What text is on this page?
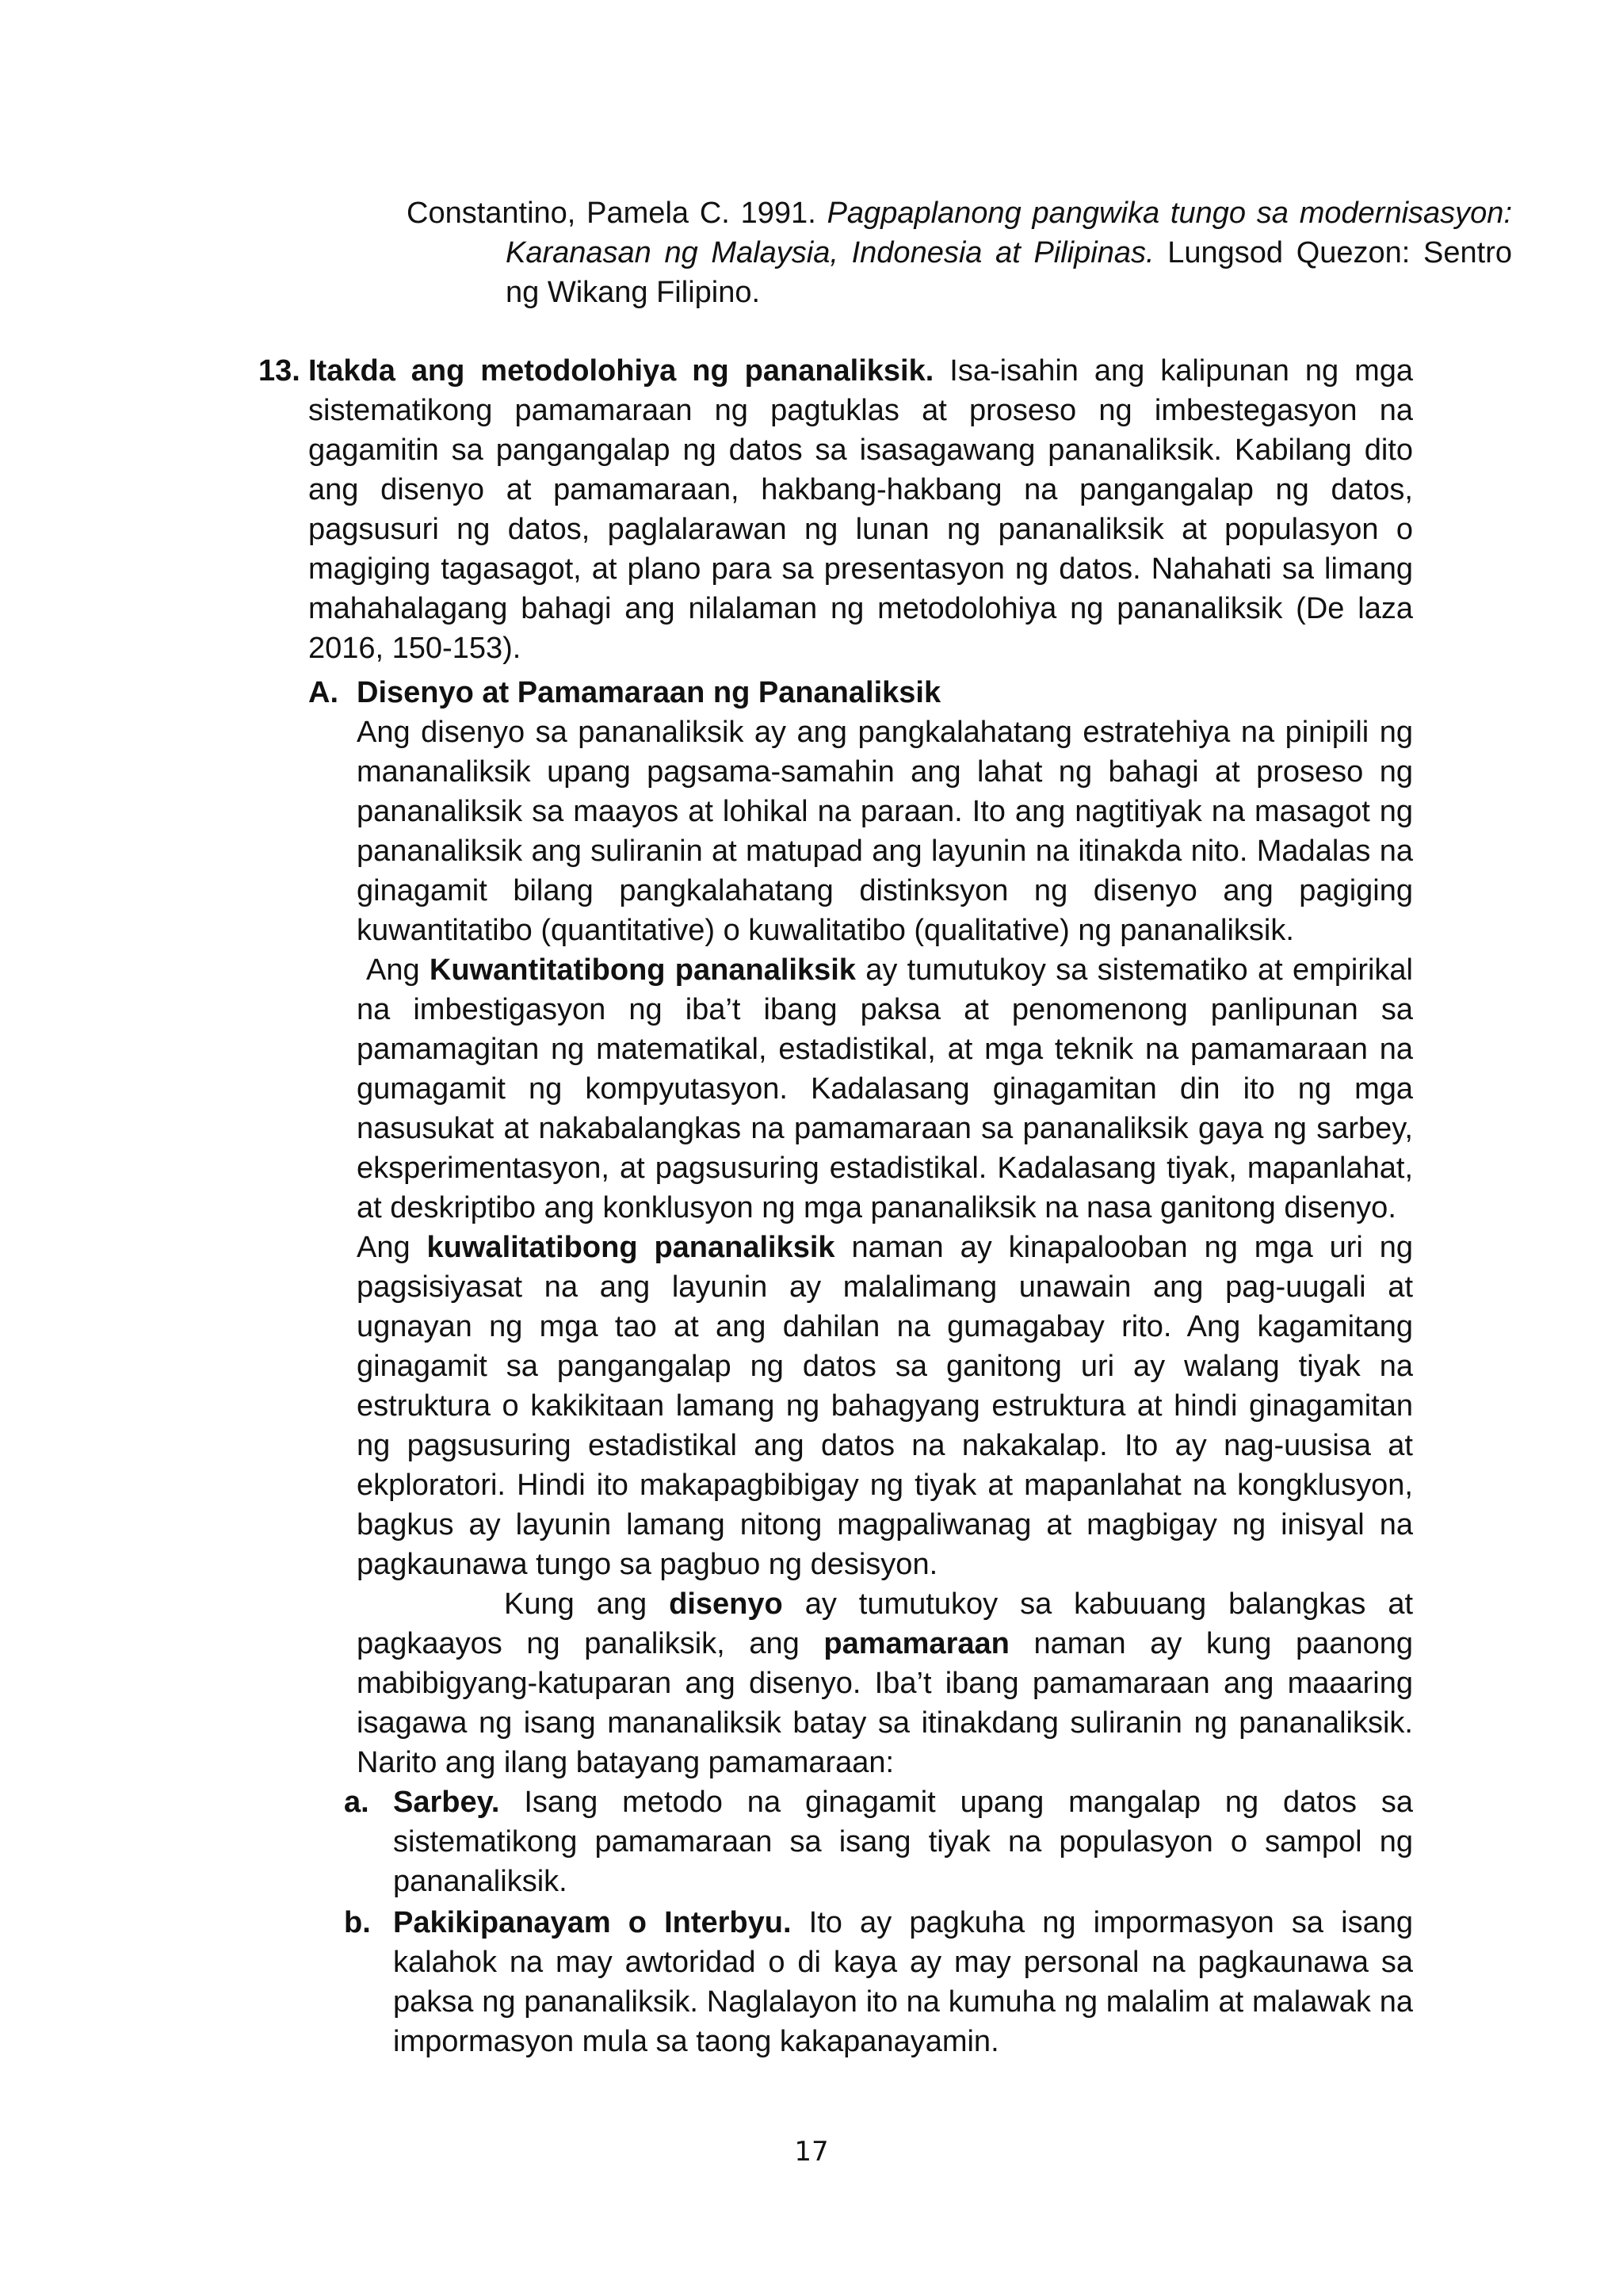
Constantino, Pamela C. 1991. Pagpaplanong pangwika tungo sa modernisasyon: Karanasan ng Malaysia, Indonesia at Pilipinas. Lungsod Quezon: Sentro ng Wikang Filipino.

13. Itakda ang metodolohiya ng pananaliksik. Isa-isahin ang kalipunan ng mga sistematikong pamamaraan ng pagtuklas at proseso ng imbestegasyon na gagamitin sa pangangalap ng datos sa isasagawang pananaliksik. Kabilang dito ang disenyo at pamamaraan, hakbang-hakbang na pangangalap ng datos, pagsusuri ng datos, paglalarawan ng lunan ng pananaliksik at populasyon o magiging tagasagot, at plano para sa presentasyon ng datos. Nahahati sa limang mahahalagang bahagi ang nilalaman ng metodolohiya ng pananaliksik (De laza 2016, 150-153).

A. Disenyo at Pamamaraan ng Pananaliksik

Ang disenyo sa pananaliksik ay ang pangkalahatang estratehiya na pinipili ng mananaliksik upang pagsama-samahin ang lahat ng bahagi at proseso ng pananaliksik sa maayos at lohikal na paraan. Ito ang nagtitiyak na masagot ng pananaliksik ang suliranin at matupad ang layunin na itinakda nito. Madalas na ginagamit bilang pangkalahatang distinksyon ng disenyo ang pagiging kuwantitatibo (quantitative) o kuwalitatibo (qualitative) ng pananaliksik.

Ang Kuwantitatibong pananaliksik ay tumutukoy sa sistematiko at empirikal na imbestigasyon ng iba’t ibang paksa at penomenong panlipunan sa pamamagitan ng matematikal, estadistikal, at mga teknik na pamamaraan na gumagamit ng kompyutasyon. Kadalasang ginagamitan din ito ng mga nasusukat at nakabalangkas na pamamaraan sa pananaliksik gaya ng sarbey, eksperimentasyon, at pagsusuring estadistikal. Kadalasang tiyak, mapanlahat, at deskriptibo ang konklusyon ng mga pananaliksik na nasa ganitong disenyo.

Ang kuwalitatibong pananaliksik naman ay kinapalooban ng mga uri ng pagsisiyasat na ang layunin ay malalimang unawain ang pag-uugali at ugnayan ng mga tao at ang dahilan na gumagabay rito. Ang kagamitang ginagamit sa pangangalap ng datos sa ganitong uri ay walang tiyak na estruktura o kakikitaan lamang ng bahagyang estruktura at hindi ginagamitan ng pagsusuring estadistikal ang datos na nakakalap. Ito ay nag-uusisa at ekploratori. Hindi ito makapagbibigay ng tiyak at mapanlahat na kongklusyon, bagkus ay layunin lamang nitong magpaliwanag at magbigay ng inisyal na pagkaunawa tungo sa pagbuo ng desisyon.

Kung ang disenyo ay tumutukoy sa kabuuang balangkas at pagkaayos ng panaliksik, ang pamamaraan naman ay kung paanong mabibigyang-katuparan ang disenyo. Iba’t ibang pamamaraan ang maaaring isagawa ng isang mananaliksik batay sa itinakdang suliranin ng pananaliksik. Narito ang ilang batayang pamamaraan:

a. Sarbey. Isang metodo na ginagamit upang mangalap ng datos sa sistematikong pamamaraan sa isang tiyak na populasyon o sampol ng pananaliksik.

b. Pakikipanayam o Interbyu. Ito ay pagkuha ng impormasyon sa isang kalahok na may awtoridad o di kaya ay may personal na pagkaunawa sa paksa ng pananaliksik. Naglalayon ito na kumuha ng malalim at malawak na impormasyon mula sa taong kakapanayamin.

17
